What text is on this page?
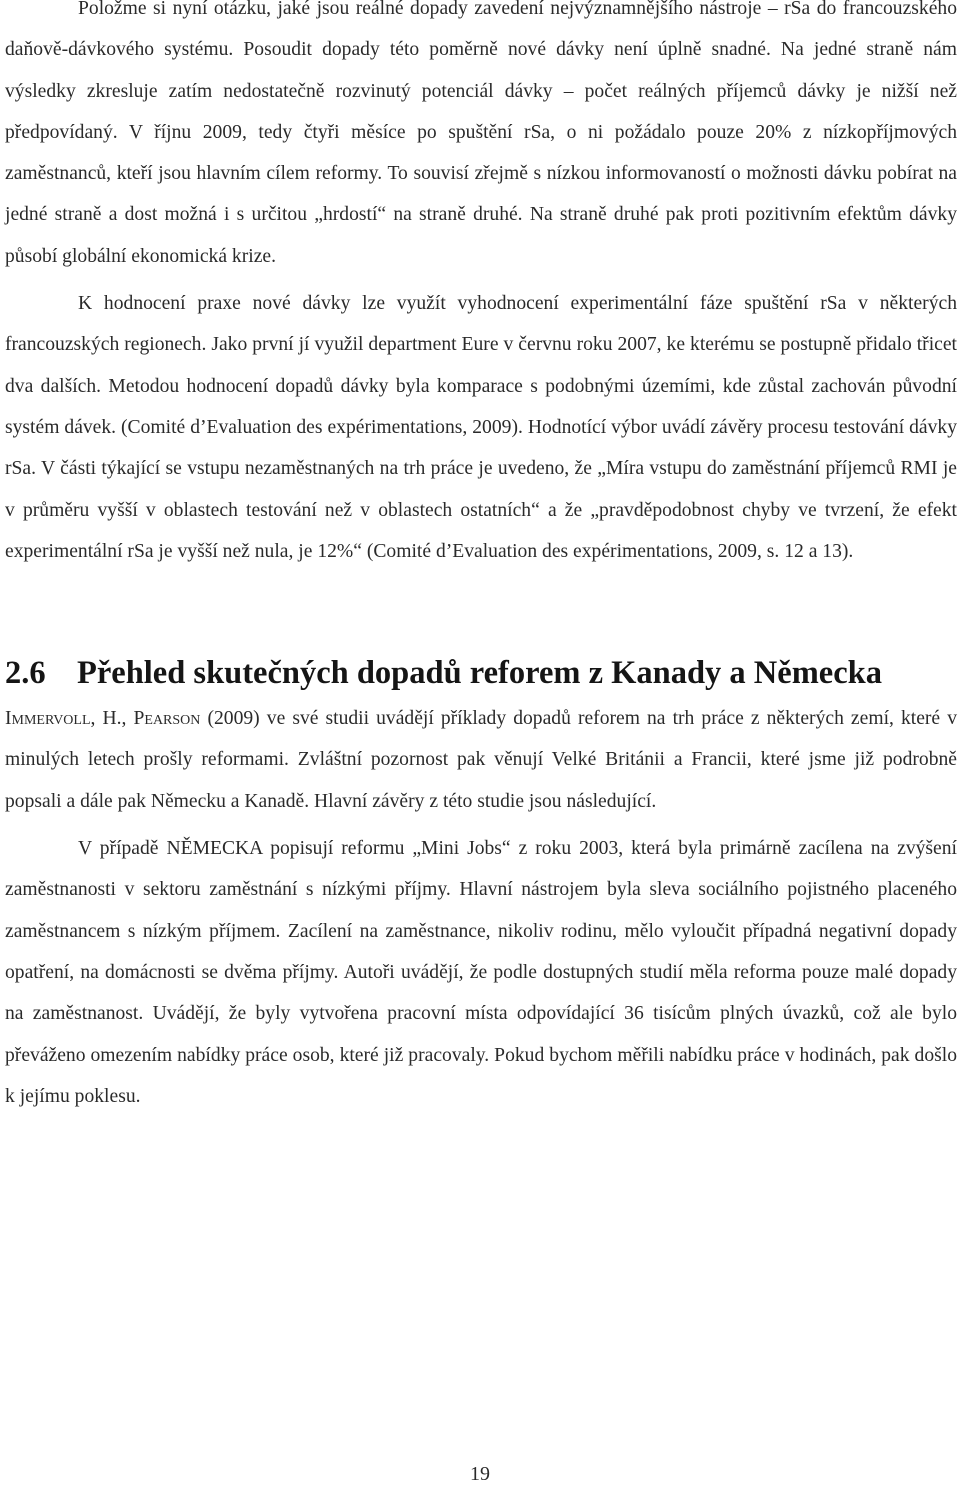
Položme si nyní otázku, jaké jsou reálné dopady zavedení nejvýznamnějšího nástroje – rSa do francouzského daňově-dávkového systému. Posoudit dopady této poměrně nové dávky není úplně snadné. Na jedné straně nám výsledky zkresluje zatím nedostatečně rozvinutý potenciál dávky – počet reálných příjemců dávky je nižší než předpovídaný. V říjnu 2009, tedy čtyři měsíce po spuštění rSa, o ni požádalo pouze 20% z nízkopříjmových zaměstnanců, kteří jsou hlavním cílem reformy. To souvisí zřejmě s nízkou informovaností o možnosti dávku pobírat na jedné straně a dost možná i s určitou „hrdostí“ na straně druhé. Na straně druhé pak proti pozitivním efektům dávky působí globální ekonomická krize.

K hodnocení praxe nové dávky lze využít vyhodnocení experimentální fáze spuštění rSa v některých francouzských regionech. Jako první jí využil department Eure v červnu roku 2007, ke kterému se postupně přidalo třicet dva dalších. Metodou hodnocení dopadů dávky byla komparace s podobnými územími, kde zůstal zachován původní systém dávek. (Comité d’Evaluation des expérimentations, 2009). Hodnotící výbor uvádí závěry procesu testování dávky rSa. V části týkající se vstupu nezaměstnaných na trh práce je uvedeno, že „Míra vstupu do zaměstnání příjemců RMI je v průměru vyšší v oblastech testování než v oblastech ostatních“ a že „pravděpodobnost chyby ve tvrzení, že efekt experimentální rSa je vyšší než nula, je 12%“ (Comité d’Evaluation des expérimentations, 2009, s. 12 a 13).

2.6 Přehled skutečných dopadů reforem z Kanady a Německa

Immervoll, H., Pearson (2009) ve své studii uvádějí příklady dopadů reforem na trh práce z některých zemí, které v minulých letech prošly reformami. Zvláštní pozornost pak věnují Velké Británii a Francii, které jsme již podrobně popsali a dále pak Německu a Kanadě. Hlavní závěry z této studie jsou následující.

V případě NĚMECKA popisují reformu „Mini Jobs“ z roku 2003, která byla primárně zacílena na zvýšení zaměstnanosti v sektoru zaměstnání s nízkými příjmy. Hlavní nástrojem byla sleva sociálního pojistného placeného zaměstnancem s nízkým příjmem. Zacílení na zaměstnance, nikoliv rodinu, mělo vyloučit případná negativní dopady opatření, na domácnosti se dvěma příjmy. Autoři uvádějí, že podle dostupných studií měla reforma pouze malé dopady na zaměstnanost. Uvádějí, že byly vytvořena pracovní místa odpovídající 36 tisícům plných úvazků, což ale bylo převáženo omezením nabídky práce osob, které již pracovaly. Pokud bychom měřili nabídku práce v hodinách, pak došlo k jejímu poklesu.

19
